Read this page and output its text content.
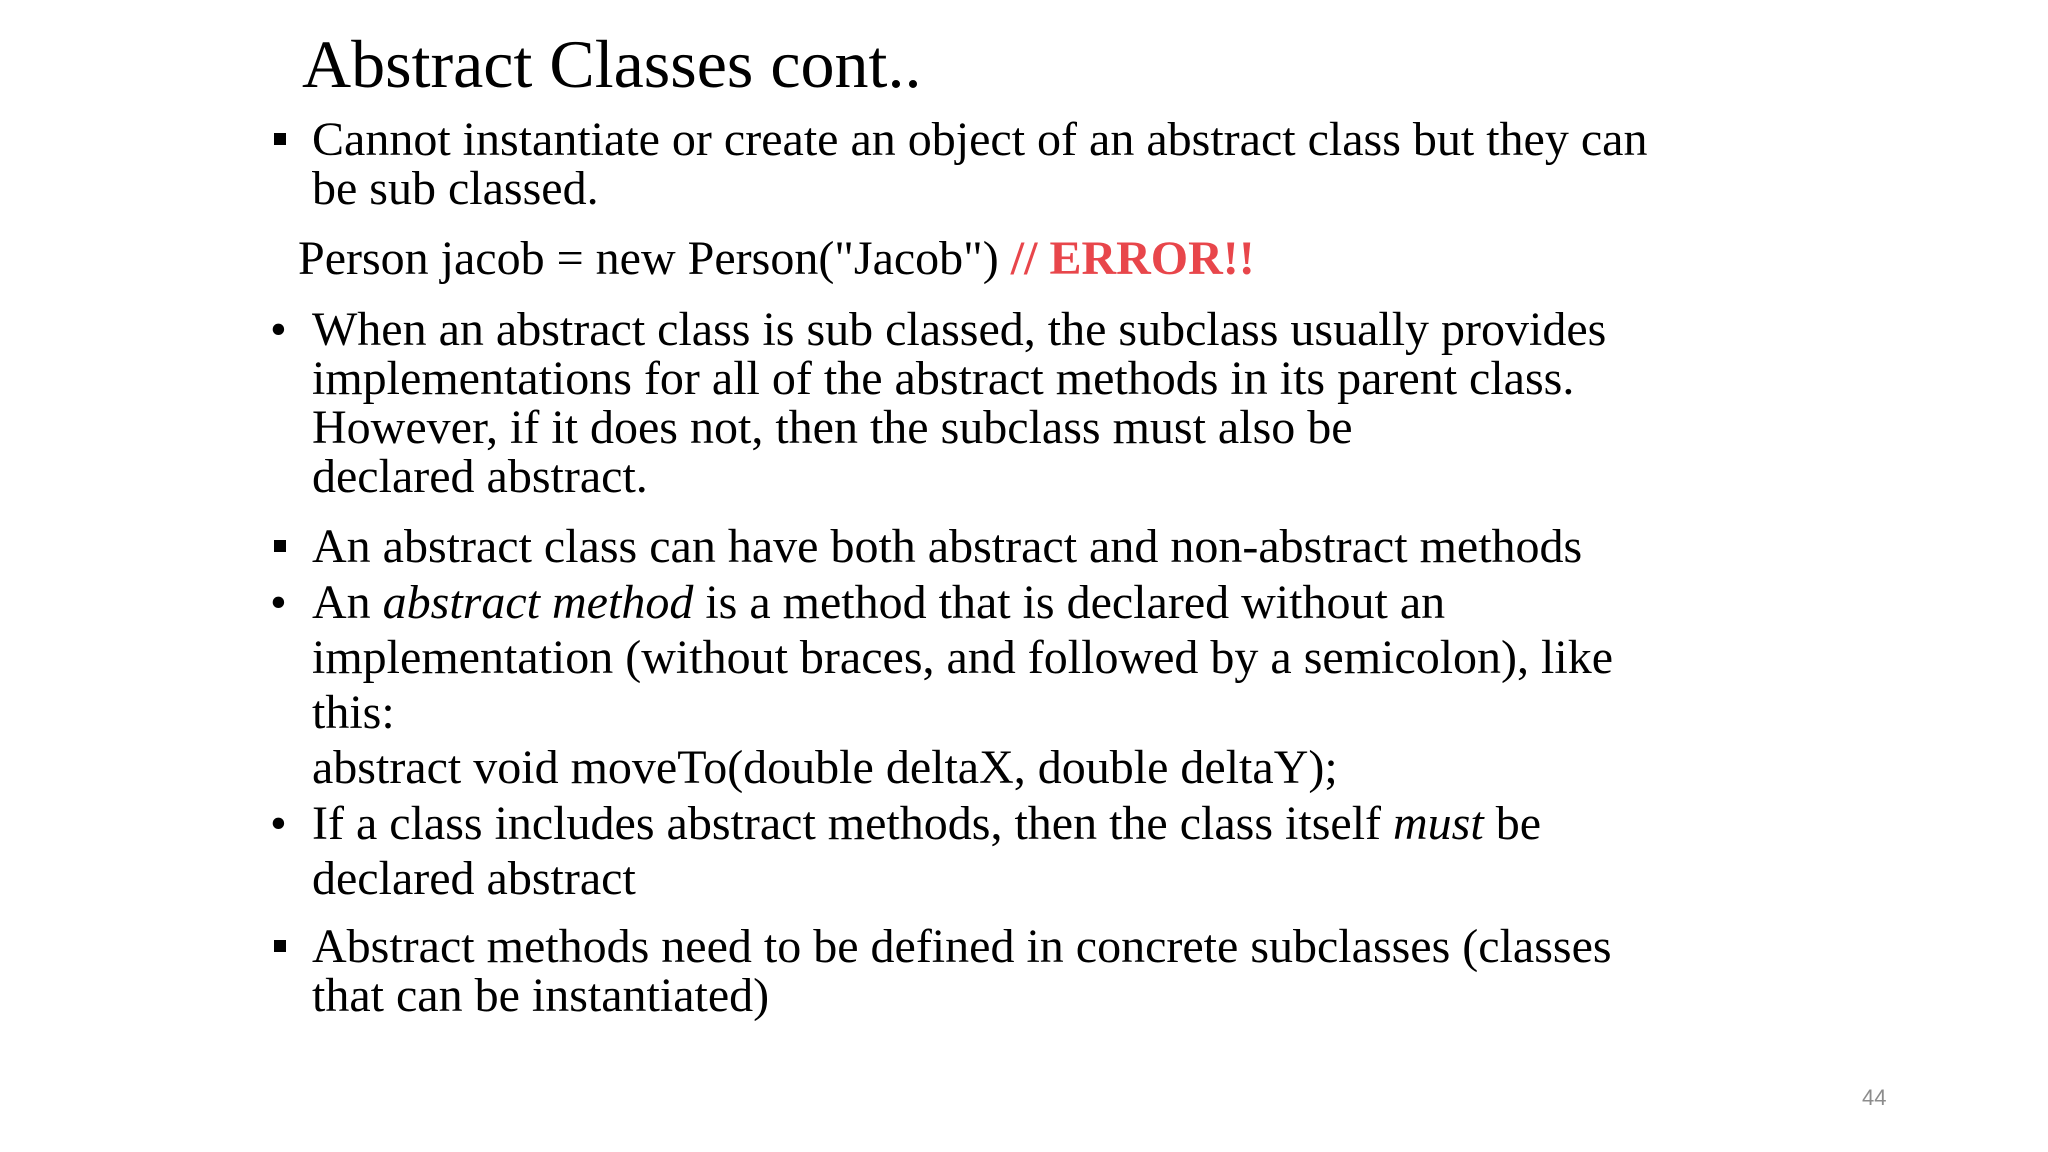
Abstract Classes cont..
Cannot instantiate or create an object of an abstract class but they can
be sub classed.
Person jacob = new Person("Jacob") // ERROR!!
• When an abstract class is sub classed, the subclass usually provides
implementations for all of the abstract methods in its parent class.
However, if it does not, then the subclass must also be
declared abstract.
An abstract class can have both abstract and non-abstract methods
• An abstract method is a method that is declared without an
implementation (without braces, and followed by a semicolon), like
this:
abstract void moveTo(double deltaX, double deltaY);
• If a class includes abstract methods, then the class itself must be
declared abstract
Abstract methods need to be defined in concrete subclasses (classes
that can be instantiated)
44
